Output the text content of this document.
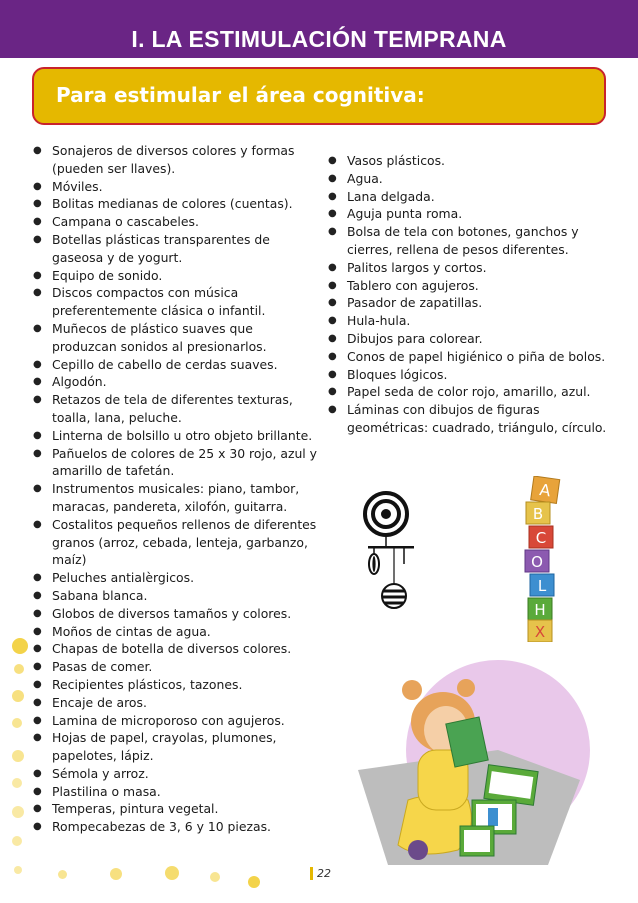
I. LA ESTIMULACIÓN TEMPRANA
Para estimular el área cognitiva:
● Sonajeros de diversos colores y formas (pueden ser llaves).
● Móviles.
● Bolitas medianas de colores (cuentas).
● Campana o cascabeles.
● Botellas plásticas transparentes de gaseosa y de yogurt.
● Equipo de sonido.
● Discos compactos con música preferentemente clásica o infantil.
● Muñecos de plástico suaves que produzcan sonidos al presionarlos.
● Cepillo de cabello de cerdas suaves.
● Algodón.
● Retazos de tela de diferentes texturas, toalla, lana, peluche.
● Linterna de bolsillo u otro objeto brillante.
● Pañuelos de colores de 25 x 30 rojo, azul y amarillo de tafetán.
● Instrumentos musicales: piano, tambor, maracas, pandereta, xilofón, guitarra.
● Costalitos pequeños rellenos de diferentes granos (arroz, cebada, lenteja, garbanzo, maíz)
● Peluches antialèrgicos.
● Sabana blanca.
● Globos de diversos tamaños y colores.
● Moños de cintas de agua.
● Chapas de botella de diversos colores.
● Pasas de comer.
● Recipientes plásticos, tazones.
● Encaje de aros.
● Lamina de microporoso con agujeros.
● Hojas de papel, crayolas, plumones, papelotes, lápiz.
● Sémola y arroz.
● Plastilina o masa.
● Temperas, pintura vegetal.
● Rompecabezas de 3, 6 y 10 piezas.
● Vasos plásticos.
● Agua.
● Lana delgada.
● Aguja punta roma.
● Bolsa de tela con botones, ganchos y cierres, rellena de pesos diferentes.
● Palitos largos y cortos.
● Tablero con agujeros.
● Pasador de zapatillas.
● Hula-hula.
● Dibujos para colorear.
● Conos de papel higiénico o piña de bolos.
● Bloques lógicos.
● Papel seda de color rojo, amarillo, azul.
● Láminas con dibujos de figuras geométricas: cuadrado, triángulo, círculo.
A
B
C
O
L
H
X
22
